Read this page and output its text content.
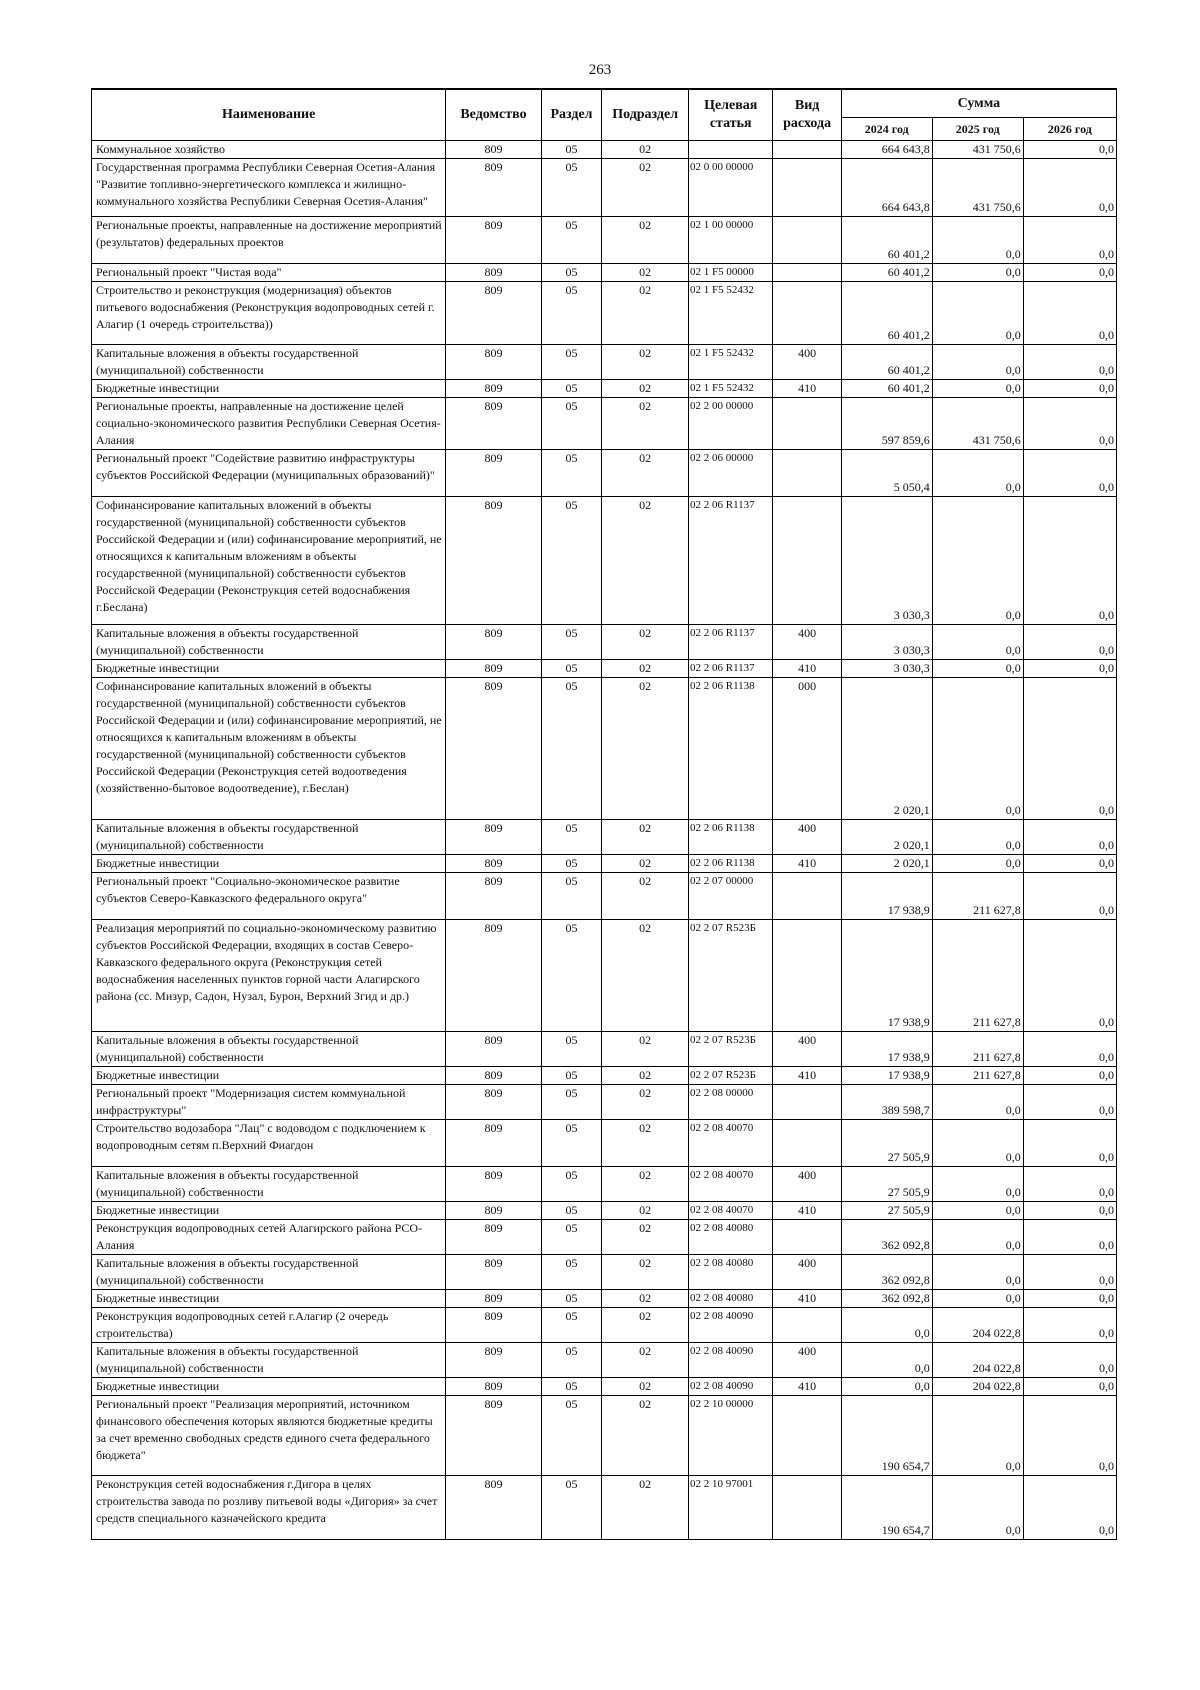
263
Наименование	Ведомство	Раздел	Подраздел	Целевая статья	Вид расхода	Сумма		
						2024 год	2025 год	2026 год
Коммунальное хозяйство	809	05	02			664 643,8	431 750,6	0,0
Государственная программа Республики Северная Осетия-Алания "Развитие топливно-энергетического комплекса и жилищно-коммунального хозяйства Республики Северная Осетия-Алания"	809	05	02	02 0 00 00000		664 643,8	431 750,6	0,0
Региональные проекты, направленные на достижение мероприятий (результатов) федеральных проектов	809	05	02	02 1 00 00000		60 401,2	0,0	0,0
Региональный проект "Чистая вода"	809	05	02	02 1 F5 00000		60 401,2	0,0	0,0
Строительство и реконструкция (модернизация) объектов питьевого водоснабжения (Реконструкция водопроводных сетей г. Алагир (1 очередь строительства))	809	05	02	02 1 F5 52432		60 401,2	0,0	0,0
Капитальные вложения в объекты государственной (муниципальной) собственности	809	05	02	02 1 F5 52432	400	60 401,2	0,0	0,0
Бюджетные инвестиции	809	05	02	02 1 F5 52432	410	60 401,2	0,0	0,0
Региональные проекты, направленные на достижение целей социально-экономического развития Республики Северная Осетия-Алания	809	05	02	02 2 00 00000		597 859,6	431 750,6	0,0
Региональный проект "Содействие развитию инфраструктуры субъектов Российской Федерации (муниципальных образований)"	809	05	02	02 2 06 00000		5 050,4	0,0	0,0
Софинансирование капитальных вложений в объекты государственной (муниципальной) собственности субъектов Российской Федерации и (или) софинансирование мероприятий, не относящихся к капитальным вложениям в объекты государственной (муниципальной) собственности субъектов Российской Федерации (Реконструкция сетей водоснабжения г.Беслана)	809	05	02	02 2 06 R1137		3 030,3	0,0	0,0
Капитальные вложения в объекты государственной (муниципальной) собственности	809	05	02	02 2 06 R1137	400	3 030,3	0,0	0,0
Бюджетные инвестиции	809	05	02	02 2 06 R1137	410	3 030,3	0,0	0,0
Софинансирование капитальных вложений в объекты государственной (муниципальной) собственности субъектов Российской Федерации и (или) софинансирование мероприятий, не относящихся к капитальным вложениям в объекты государственной (муниципальной) собственности субъектов Российской Федерации (Реконструкция сетей водоотведения (хозяйственно-бытовое водоотведение), г.Беслан)	809	05	02	02 2 06 R1138	000	2 020,1	0,0	0,0
Капитальные вложения в объекты государственной (муниципальной) собственности	809	05	02	02 2 06 R1138	400	2 020,1	0,0	0,0
Бюджетные инвестиции	809	05	02	02 2 06 R1138	410	2 020,1	0,0	0,0
Региональный проект "Социально-экономическое развитие субъектов Северо-Кавказского федерального округа"	809	05	02	02 2 07 00000		17 938,9	211 627,8	0,0
Реализация мероприятий по социально-экономическому развитию субъектов Российской Федерации, входящих в состав Северо-Кавказского федерального округа (Реконструкция сетей водоснабжения населенных пунктов горной части Алагирского района (сс. Мизур, Садон, Нузал, Бурон, Верхний Згид и др.)	809	05	02	02 2 07 R523Б		17 938,9	211 627,8	0,0
Капитальные вложения в объекты государственной (муниципальной) собственности	809	05	02	02 2 07 R523Б	400	17 938,9	211 627,8	0,0
Бюджетные инвестиции	809	05	02	02 2 07 R523Б	410	17 938,9	211 627,8	0,0
Региональный проект "Модернизация систем коммунальной инфраструктуры"	809	05	02	02 2 08 00000		389 598,7	0,0	0,0
Строительство водозабора "Лац" с водоводом с подключением к водопроводным сетям п.Верхний Фиагдон	809	05	02	02 2 08 40070		27 505,9	0,0	0,0
Капитальные вложения в объекты государственной (муниципальной) собственности	809	05	02	02 2 08 40070	400	27 505,9	0,0	0,0
Бюджетные инвестиции	809	05	02	02 2 08 40070	410	27 505,9	0,0	0,0
Реконструкция водопроводных сетей Алагирского района РСО-Алания	809	05	02	02 2 08 40080		362 092,8	0,0	0,0
Капитальные вложения в объекты государственной (муниципальной) собственности	809	05	02	02 2 08 40080	400	362 092,8	0,0	0,0
Бюджетные инвестиции	809	05	02	02 2 08 40080	410	362 092,8	0,0	0,0
Реконструкция водопроводных сетей г.Алагир (2 очередь строительства)	809	05	02	02 2 08 40090		0,0	204 022,8	0,0
Капитальные вложения в объекты государственной (муниципальной) собственности	809	05	02	02 2 08 40090	400	0,0	204 022,8	0,0
Бюджетные инвестиции	809	05	02	02 2 08 40090	410	0,0	204 022,8	0,0
Региональный проект "Реализация мероприятий, источником финансового обеспечения которых являются бюджетные кредиты за счет временно свободных средств единого счета федерального бюджета"	809	05	02	02 2 10 00000		190 654,7	0,0	0,0
Реконструкция сетей водоснабжения г.Дигора в целях строительства завода по розливу питьевой воды «Дигория» за счет средств специального казначейского кредита	809	05	02	02 2 10 97001		190 654,7	0,0	0,0
